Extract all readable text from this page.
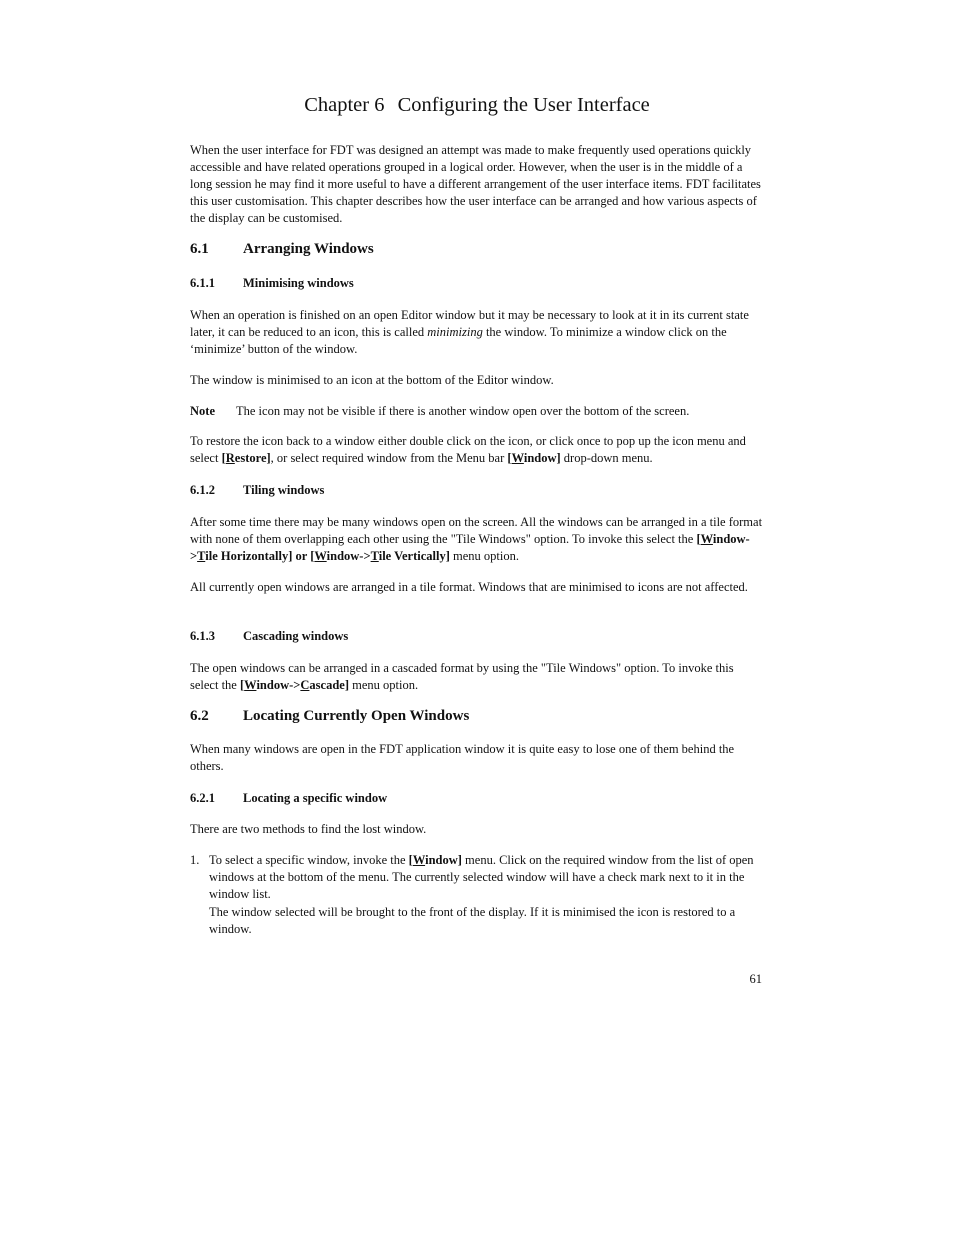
Chapter 6 Configuring the User Interface
When the user interface for FDT was designed an attempt was made to make frequently used operations quickly accessible and have related operations grouped in a logical order. However, when the user is in the middle of a long session he may find it more useful to have a different arrangement of the user interface items. FDT facilitates this user customisation. This chapter describes how the user interface can be arranged and how various aspects of the display can be customised.
6.1 Arranging Windows
6.1.1 Minimising windows
When an operation is finished on an open Editor window but it may be necessary to look at it in its current state later, it can be reduced to an icon, this is called minimizing the window. To minimize a window click on the ‘minimize’ button of the window.
The window is minimised to an icon at the bottom of the Editor window.
Note The icon may not be visible if there is another window open over the bottom of the screen.
To restore the icon back to a window either double click on the icon, or click once to pop up the icon menu and select [Restore], or select required window from the Menu bar [Window] drop-down menu.
6.1.2 Tiling windows
After some time there may be many windows open on the screen. All the windows can be arranged in a tile format with none of them overlapping each other using the "Tile Windows" option. To invoke this select the [Window->Tile Horizontally] or [Window->Tile Vertically] menu option.
All currently open windows are arranged in a tile format. Windows that are minimised to icons are not affected.
6.1.3 Cascading windows
The open windows can be arranged in a cascaded format by using the "Tile Windows" option. To invoke this select the [Window->Cascade] menu option.
6.2 Locating Currently Open Windows
When many windows are open in the FDT application window it is quite easy to lose one of them behind the others.
6.2.1 Locating a specific window
There are two methods to find the lost window.
1. To select a specific window, invoke the [Window] menu. Click on the required window from the list of open windows at the bottom of the menu. The currently selected window will have a check mark next to it in the window list.

The window selected will be brought to the front of the display. If it is minimised the icon is restored to a window.

61
